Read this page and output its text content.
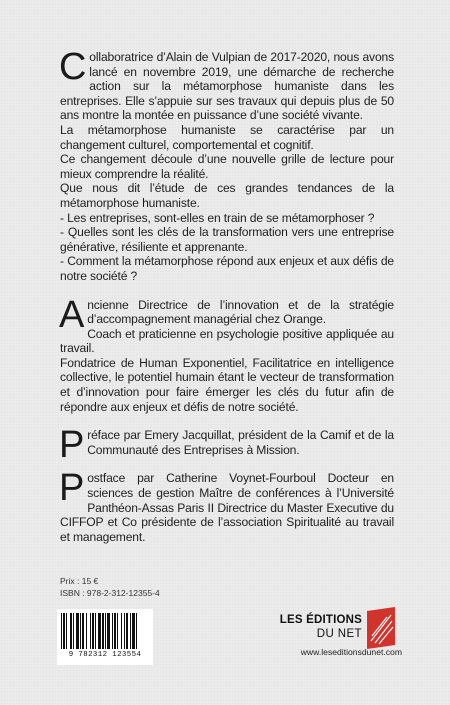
C ollaboratrice d’Alain de Vulpian de 2017-2020, nous avons lancé en novembre 2019, une démarche de recherche action sur la métamorphose humaniste dans les entreprises. Elle s’appuie sur ses travaux qui depuis plus de 50 ans montre la montée en puissance d’une société vivante.

La métamorphose humaniste se caractérise par un changement culturel, comportemental et cognitif.

Ce changement découle d’une nouvelle grille de lecture pour mieux comprendre la réalité.

Que nous dit l’étude de ces grandes tendances de la métamorphose humaniste.

- Les entreprises, sont-elles en train de se métamorphoser ?

- Quelles sont les clés de la transformation vers une entreprise générative, résiliente et apprenante.

- Comment la métamorphose répond aux enjeux et aux défis de notre société ?

A ncienne Directrice de l’innovation et de la stratégie d’accompagnement managérial chez Orange.

Coach et praticienne en psychologie positive appliquée au travail.

Fondatrice de Human Exponentiel, Facilitatrice en intelligence collective, le potentiel humain étant le vecteur de transformation et d’innovation pour faire émerger les clés du futur afin de répondre aux enjeux et défis de notre société.

P réface par Emery Jacquillat, président de la Camif et de la Communauté des Entreprises à Mission.

P ostface par Catherine Voynet-Fourboul Docteur en sciences de gestion Maître de conférences à l’Université Panthéon-Assas Paris II Directrice du Master Executive du CIFFOP et Co présidente de l’association Spiritualité au travail et management.

Prix : 15 €
ISBN : 978-2-312-12355-4
9 782312 123554
LES ÉDITIONS
DU NET
www.leseditionsdunet.com
